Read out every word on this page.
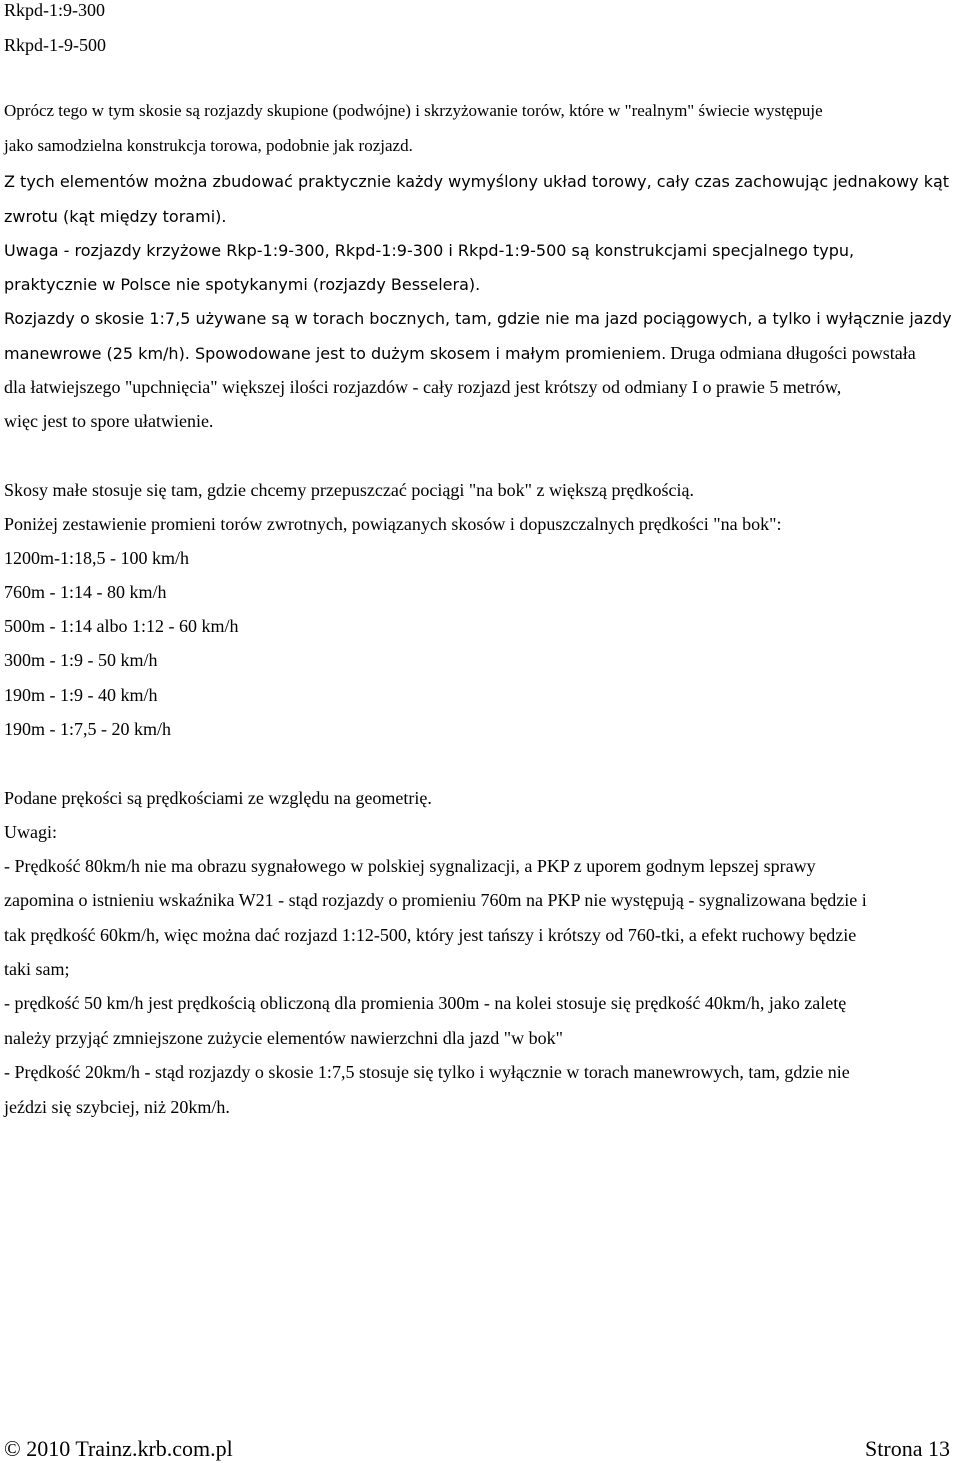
Rkpd-1:9-300
Rkpd-1-9-500
Oprócz tego w tym skosie są rozjazdy skupione (podwójne) i skrzyżowanie torów, które w "realnym" świecie występuje
jako samodzielna konstrukcja torowa, podobnie jak rozjazd.
Z tych elementów można zbudować praktycznie każdy wymyślony układ torowy, cały czas zachowując jednakowy kąt
zwrotu (kąt między torami).
Uwaga - rozjazdy krzyżowe Rkp-1:9-300, Rkpd-1:9-300 i Rkpd-1:9-500 są konstrukcjami specjalnego typu,
praktycznie w Polsce nie spotykanymi (rozjazdy Besselera).
Rozjazdy o skosie 1:7,5 używane są w torach bocznych, tam, gdzie nie ma jazd pociągowych, a tylko i wyłącznie jazdy
manewrowe (25 km/h). Spowodowane jest to dużym skosem i małym promieniem. Druga odmiana długości powstała
dla łatwiejszego "upchnięcia" większej ilości rozjazdów - cały rozjazd jest krótszy od odmiany I o prawie 5 metrów,
więc jest to spore ułatwienie.
Skosy małe stosuje się tam, gdzie chcemy przepuszczać pociągi "na bok" z większą prędkością.
Poniżej zestawienie promieni torów zwrotnych, powiązanych skosów i dopuszczalnych prędkości "na bok":
1200m-1:18,5 - 100 km/h
760m - 1:14 - 80 km/h
500m - 1:14 albo 1:12 - 60 km/h
300m - 1:9 - 50 km/h
190m - 1:9 - 40 km/h
190m - 1:7,5 - 20 km/h
Podane prękości są prędkościami ze względu na geometrię.
Uwagi:
- Prędkość 80km/h nie ma obrazu sygnałowego w polskiej sygnalizacji, a PKP z uporem godnym lepszej sprawy
zapomina o istnieniu wskaźnika W21 - stąd rozjazdy o promieniu 760m na PKP nie występują - sygnalizowana będzie i
tak prędkość 60km/h, więc można dać rozjazd 1:12-500, który jest tańszy i krótszy od 760-tki, a efekt ruchowy będzie
taki sam;
- prędkość 50 km/h jest prędkością obliczoną dla promienia 300m - na kolei stosuje się prędkość 40km/h, jako zaletę
należy przyjąć zmniejszone zużycie elementów nawierzchni dla jazd "w bok"
- Prędkość 20km/h - stąd rozjazdy o skosie 1:7,5 stosuje się tylko i wyłącznie w torach manewrowych, tam, gdzie nie
jeździ się szybciej, niż 20km/h.
© 2010 Trainz.krb.com.pl	Strona 13
